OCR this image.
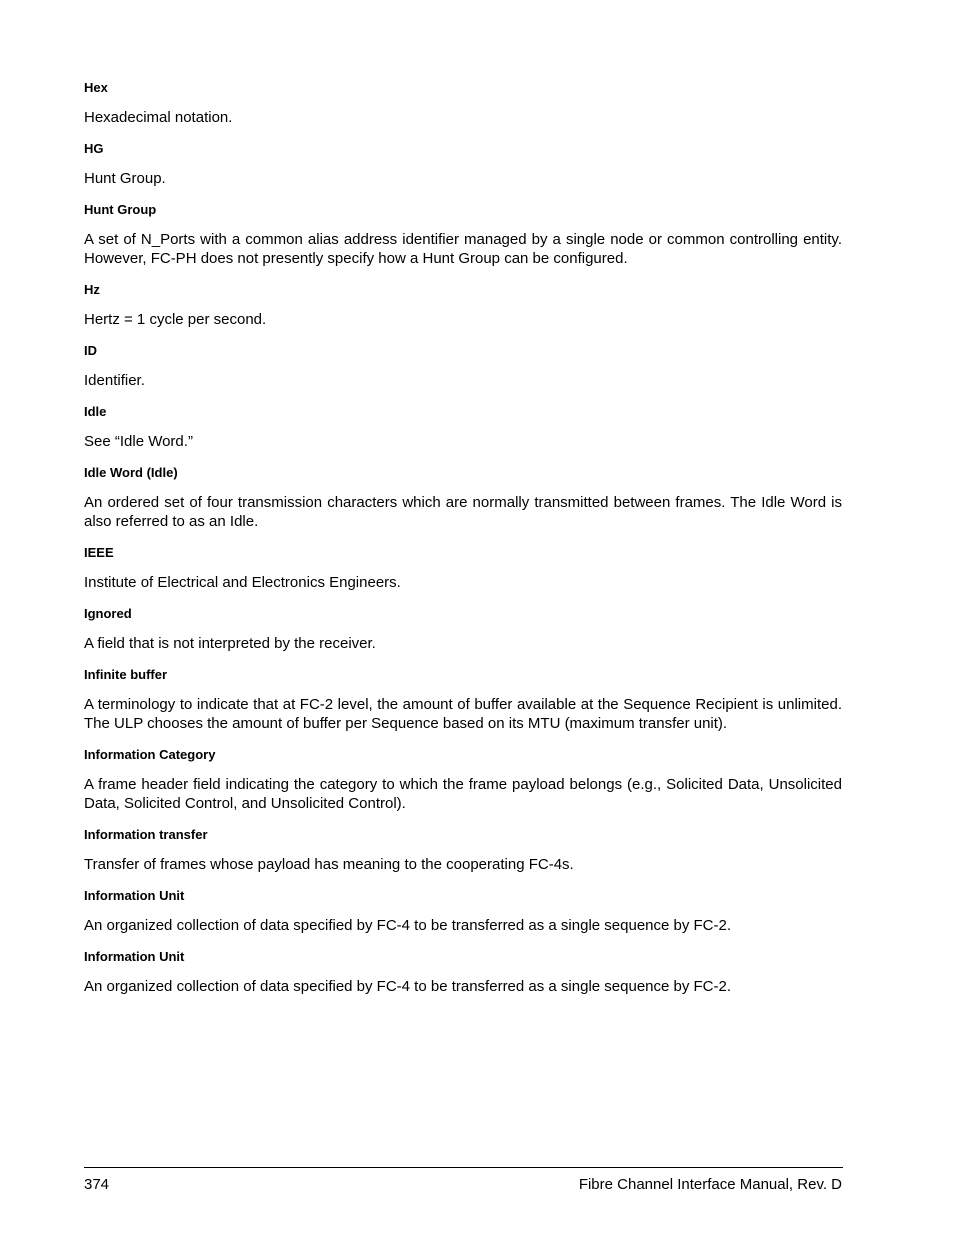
Hex

Hexadecimal notation.

HG

Hunt Group.

Hunt Group

A set of N_Ports with a common alias address identifier managed by a single node or common controlling entity. However, FC-PH does not presently specify how a Hunt Group can be configured.

Hz

Hertz = 1 cycle per second.

ID

Identifier.

Idle

See “Idle Word.”

Idle Word (Idle)

An ordered set of four transmission characters which are normally transmitted between frames. The Idle Word is also referred to as an Idle.

IEEE

Institute of Electrical and Electronics Engineers.

Ignored

A field that is not interpreted by the receiver.

Infinite buffer

A terminology to indicate that at FC-2 level, the amount of buffer available at the Sequence Recipient is unlimited. The ULP chooses the amount of buffer per Sequence based on its MTU (maximum transfer unit).

Information Category

A frame header field indicating the category to which the frame payload belongs (e.g., Solicited Data, Unsolicited Data, Solicited Control, and Unsolicited Control).

Information transfer

Transfer of frames whose payload has meaning to the cooperating FC-4s.

Information Unit

An organized collection of data specified by FC-4 to be transferred as a single sequence by FC-2.

Information Unit

An organized collection of data specified by FC-4 to be transferred as a single sequence by FC-2.

374	Fibre Channel Interface Manual, Rev. D
